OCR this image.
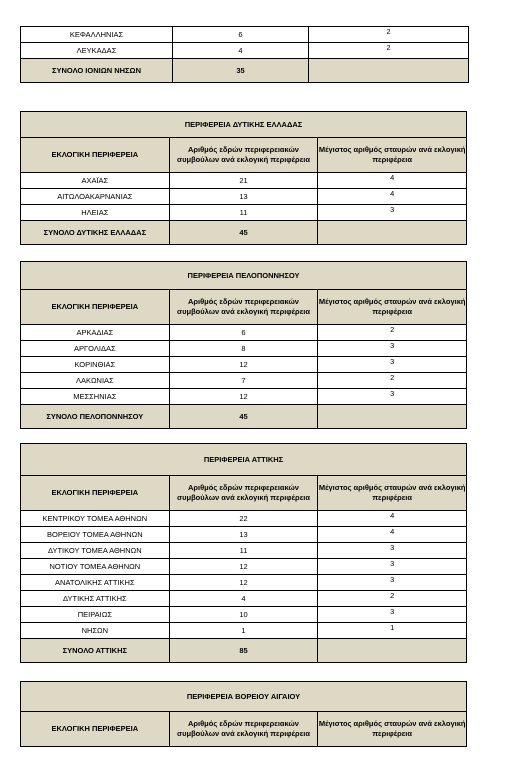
ΚΕΦΑΛΛΗΝΙΑΣ	6	2
ΛΕΥΚΑΔΑΣ	4	2
ΣΥΝΟΛΟ ΙΟΝΙΩΝ ΝΗΣΩΝ	35	
ΠΕΡΙΦΕΡΕΙΑ ΔΥΤΙΚΗΣ ΕΛΛΑΔΑΣ		
ΕΚΛΟΓΙΚΗ ΠΕΡΙΦΕΡΕΙΑ	Αριθμός εδρών περιφερειακών συμβούλων ανά εκλογική περιφέρεια	Μέγιστος αριθμός σταυρών ανά εκλογική περιφέρεια
ΑΧΑΪΑΣ	21	4
ΑΙΤΩΛΟΑΚΑΡΝΑΝΙΑΣ	13	4
ΗΛΕΙΑΣ	11	3
ΣΥΝΟΛΟ ΔΥΤΙΚΗΣ ΕΛΛΑΔΑΣ	45	
ΠΕΡΙΦΕΡΕΙΑ ΠΕΛΟΠΟΝΝΗΣΟΥ		
ΕΚΛΟΓΙΚΗ ΠΕΡΙΦΕΡΕΙΑ	Αριθμός εδρών περιφερειακών συμβούλων ανά εκλογική περιφέρεια	Μέγιστος αριθμός σταυρών ανά εκλογική περιφέρεια
ΑΡΚΑΔΙΑΣ	6	2
ΑΡΓΟΛΙΔΑΣ	8	3
ΚΟΡΙΝΘΙΑΣ	12	3
ΛΑΚΩΝΙΑΣ	7	2
ΜΕΣΣΗΝΙΑΣ	12	3
ΣΥΝΟΛΟ ΠΕΛΟΠΟΝΝΗΣΟΥ	45	
ΠΕΡΙΦΕΡΕΙΑ ΑΤΤΙΚΗΣ		
ΕΚΛΟΓΙΚΗ ΠΕΡΙΦΕΡΕΙΑ	Αριθμός εδρών περιφερειακών συμβούλων ανά εκλογική περιφέρεια	Μέγιστος αριθμός σταυρών ανά εκλογική περιφέρεια
ΚΕΝΤΡΙΚΟΥ ΤΟΜΕΑ ΑΘΗΝΩΝ	22	4
ΒΟΡΕΙΟΥ ΤΟΜΕΑ ΑΘΗΝΩΝ	13	4
ΔΥΤΙΚΟΥ ΤΟΜΕΑ ΑΘΗΝΩΝ	11	3
ΝΟΤΙΟΥ ΤΟΜΕΑ ΑΘΗΝΩΝ	12	3
ΑΝΑΤΟΛΙΚΗΣ ΑΤΤΙΚΗΣ	12	3
ΔΥΤΙΚΗΣ ΑΤΤΙΚΗΣ	4	2
ΠΕΙΡΑΙΩΣ	10	3
ΝΗΣΩΝ	1	1
ΣΥΝΟΛΟ ΑΤΤΙΚΗΣ	85	
ΠΕΡΙΦΕΡΕΙΑ ΒΟΡΕΙΟΥ ΑΙΓΑΙΟΥ
ΕΚΛΟΓΙΚΗ ΠΕΡΙΦΕΡΕΙΑ	Αριθμός εδρών περιφερειακών συμβούλων ανά εκλογική περιφέρεια	Μέγιστος αριθμός σταυρών ανά εκλογική περιφέρεια
